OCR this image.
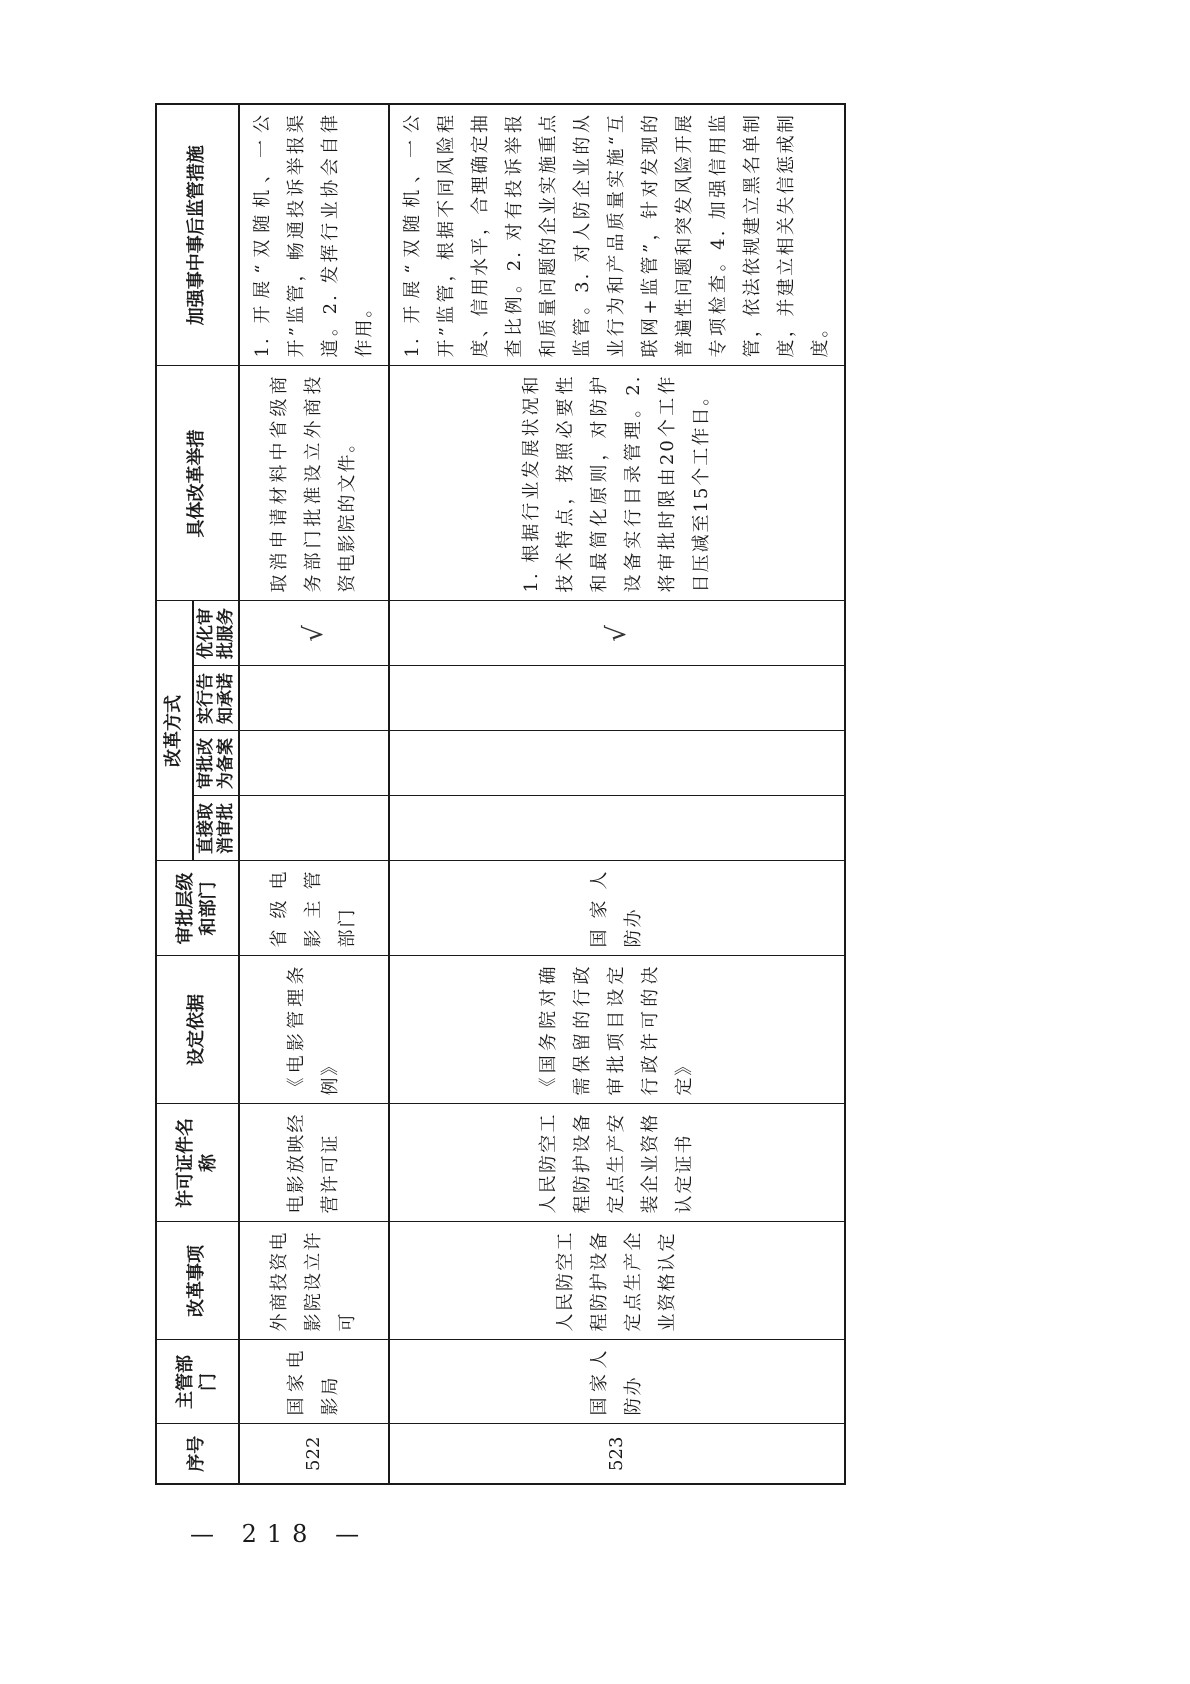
序号	主管部门	改革事项	许可证件名称	设定依据	审批层级和部门	改革方式				具体改革举措	加强事中事后监管措施
						直接取消审批	审批改为备案	实行告知承诺	优化审批服务		
522	国家电影局	外商投资电影院设立许可	电影放映经营许可证	《电影管理条例》	省级电影主管部门				√	取消申请材料中省级商务部门批准设立外商投资电影院的文件。	1. 开展“双随机、一公开”监管，畅通投诉举报渠道。2. 发挥行业协会自律作用。
523	国家人防办	人民防空工程防护设备定点生产企业资格认定	人民防空工程防护设备定点生产安装企业资格认定证书	《国务院对确需保留的行政审批项目设定行政许可的决定》	国家人防办				√	1. 根据行业发展状况和技术特点，按照必要性和最简化原则，对防护设备实行目录管理。2. 将审批时限由20个工作日压减至15个工作日。	1. 开展“双随机、一公开”监管，根据不同风险程度、信用水平，合理确定抽查比例。2. 对有投诉举报和质量问题的企业实施重点监管。3. 对人防企业的从业行为和产品质量实施“互联网+监管”，针对发现的普遍性问题和突发风险开展专项检查。4. 加强信用监管，依法依规建立黑名单制度，并建立相关失信惩戒制度。
— 218 —
